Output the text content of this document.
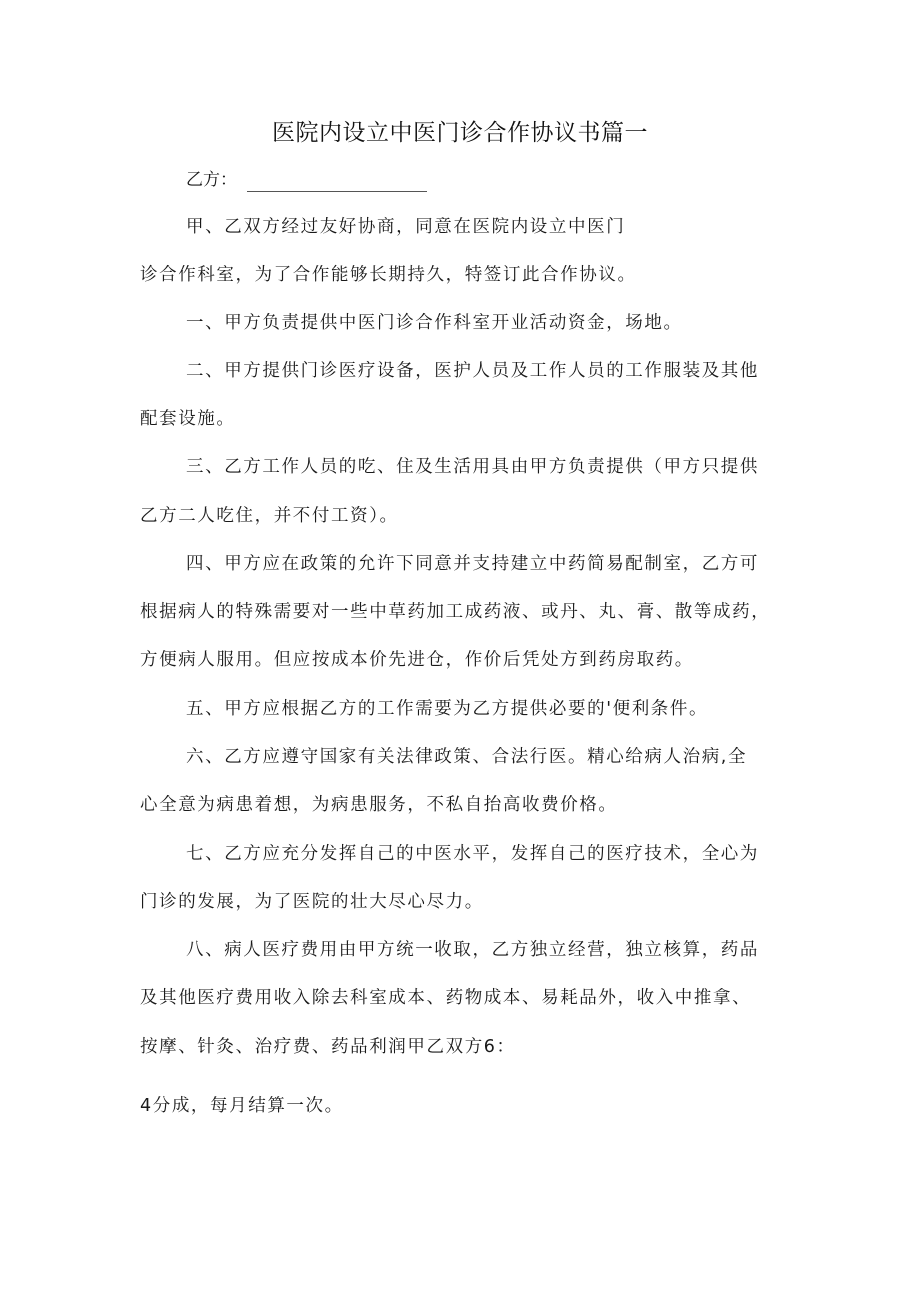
医院内设立中医门诊合作协议书篇一
乙方：
甲、乙双方经过友好协商，同意在医院内设立中医门
诊合作科室，为了合作能够长期持久，特签订此合作协议。
一、甲方负责提供中医门诊合作科室开业活动资金，场地。
二、甲方提供门诊医疗设备，医护人员及工作人员的工作服装及其他
配套设施。
三、乙方工作人员的吃、住及生活用具由甲方负责提供（甲方只提供
乙方二人吃住，并不付工资）。
四、甲方应在政策的允许下同意并支持建立中药简易配制室，乙方可
根据病人的特殊需要对一些中草药加工成药液、或丹、丸、膏、散等成药，
方便病人服用。但应按成本价先进仓，作价后凭处方到药房取药。
五、甲方应根据乙方的工作需要为乙方提供必要的'便利条件。
六、乙方应遵守国家有关法律政策、合法行医。精心给病人治病,全
心全意为病患着想，为病患服务，不私自抬高收费价格。
七、乙方应充分发挥自己的中医水平，发挥自己的医疗技术，全心为
门诊的发展，为了医院的壮大尽心尽力。
八、病人医疗费用由甲方统一收取，乙方独立经营，独立核算，药品
及其他医疗费用收入除去科室成本、药物成本、易耗品外，收入中推拿、
按摩、针灸、治疗费、药品利润甲乙双方6：
4分成，每月结算一次。
